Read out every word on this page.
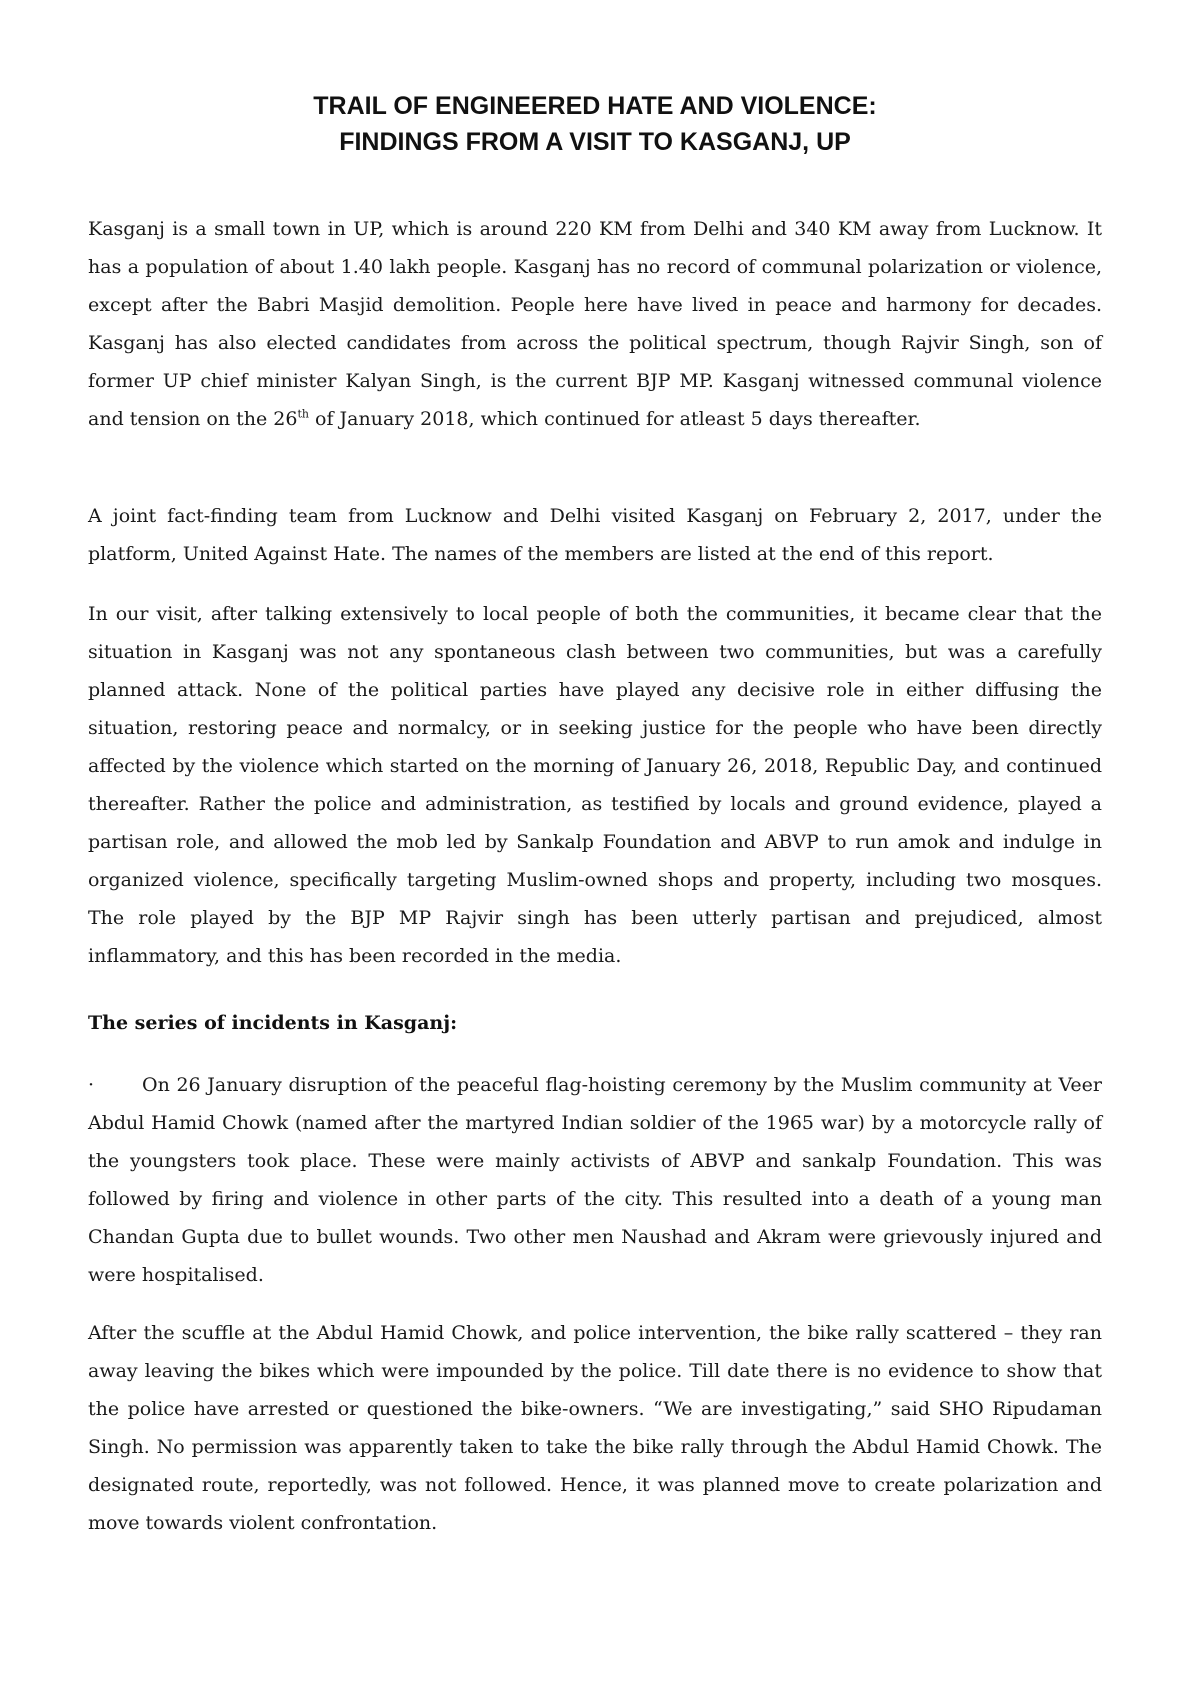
TRAIL OF ENGINEERED HATE AND VIOLENCE:
FINDINGS FROM A VISIT TO KASGANJ, UP

Kasganj is a small town in UP, which is around 220 KM from Delhi and 340 KM away from Lucknow. It has a population of about 1.40 lakh people. Kasganj has no record of communal polarization or violence, except after the Babri Masjid demolition. People here have lived in peace and harmony for decades. Kasganj has also elected candidates from across the political spectrum, though Rajvir Singh, son of former UP chief minister Kalyan Singh, is the current BJP MP. Kasganj witnessed communal violence and tension on the 26th of January 2018, which continued for atleast 5 days thereafter.

A joint fact-finding team from Lucknow and Delhi visited Kasganj on February 2, 2017, under the platform, United Against Hate. The names of the members are listed at the end of this report.

In our visit, after talking extensively to local people of both the communities, it became clear that the situation in Kasganj was not any spontaneous clash between two communities, but was a carefully planned attack. None of the political parties have played any decisive role in either diffusing the situation, restoring peace and normalcy, or in seeking justice for the people who have been directly affected by the violence which started on the morning of January 26, 2018, Republic Day, and continued thereafter. Rather the police and administration, as testified by locals and ground evidence, played a partisan role, and allowed the mob led by Sankalp Foundation and ABVP to run amok and indulge in organized violence, specifically targeting Muslim-owned shops and property, including two mosques. The role played by the BJP MP Rajvir singh has been utterly partisan and prejudiced, almost inflammatory, and this has been recorded in the media.

The series of incidents in Kasganj:

·	On 26 January disruption of the peaceful flag-hoisting ceremony by the Muslim community at Veer Abdul Hamid Chowk (named after the martyred Indian soldier of the 1965 war) by a motorcycle rally of the youngsters took place. These were mainly activists of ABVP and sankalp Foundation. This was followed by firing and violence in other parts of the city. This resulted into a death of a young man Chandan Gupta due to bullet wounds. Two other men Naushad and Akram were grievously injured and were hospitalised.

After the scuffle at the Abdul Hamid Chowk, and police intervention, the bike rally scattered – they ran away leaving the bikes which were impounded by the police. Till date there is no evidence to show that the police have arrested or questioned the bike-owners. “We are investigating,” said SHO Ripudaman Singh. No permission was apparently taken to take the bike rally through the Abdul Hamid Chowk. The designated route, reportedly, was not followed. Hence, it was planned move to create polarization and move towards violent confrontation.
